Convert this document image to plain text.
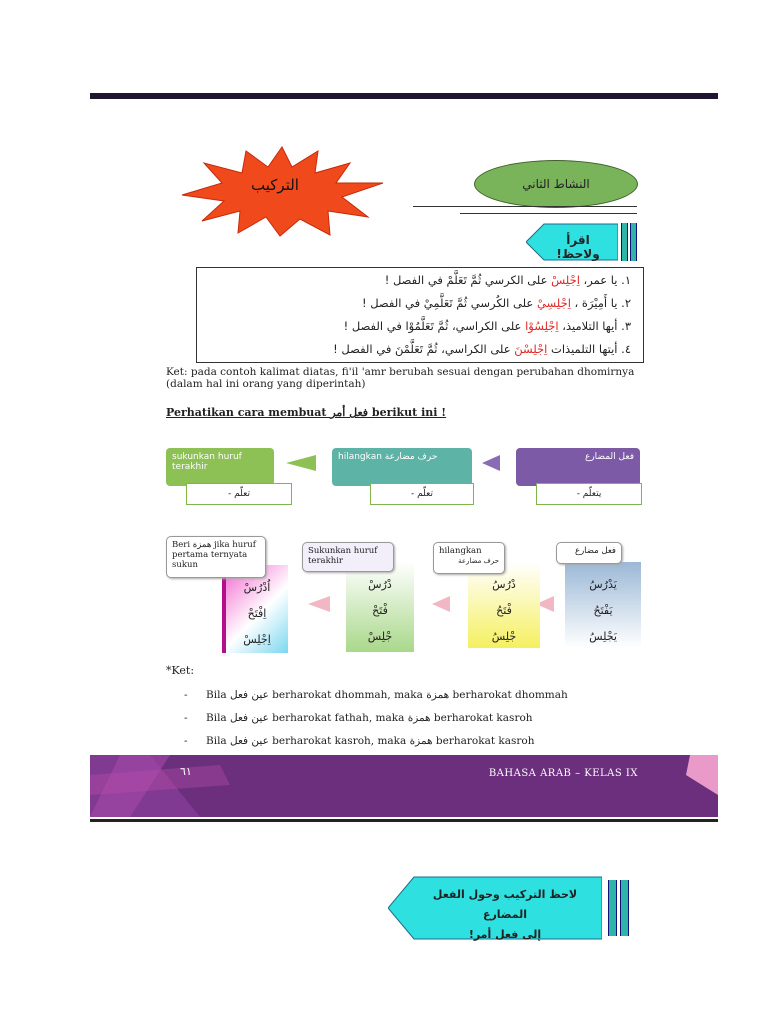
التركيب	النشاط الثاني
اقرأ ولاحظ!
١. يا عمر، اِجْلِسْ على الكرسي ثُمَّ تَعَلَّمْ في الفصل !
٢. يا أَمِيْرَة ، اِجْلِسِيْ على الكُرسي ثُمَّ تَعَلَّمِيْ في الفصل !
٣. أيها التلاميذ، اِجْلِسُوْا على الكراسي، ثُمَّ تَعَلَّمُوْا في الفصل !
٤. أيتها التلميذات اِجْلِسْنَ على الكراسي، ثُمَّ تَعَلَّمْنَ في الفصل !
Ket: pada contoh kalimat diatas, fi'il 'amr berubah sesuai dengan perubahan dhomirnya (dalam hal ini orang yang diperintah)
Perhatikan cara membuat فعل أمر berikut ini !
فعل المضارع
يتعلّم -
hilangkan حرف مضارعة
تعلّم -
sukunkan huruf terakhir
تعلّم -
يَدْرُسُ
يَفْتَحُ
يَجْلِسُ
فعل مضارع
دْرُسُ
فْتَحُ
جْلِسُ
hilangkan
حرف مضارعة
دْرُسْ
فْتَحْ
جْلِسْ
Sukunkan huruf terakhir
اُدْرُسْ
اِفْتَحْ
اِجْلِسْ
Beri همزة jika huruf pertama ternyata sukun
*Ket:
- Bila عين فعل berharokat dhommah, maka همزة berharokat dhommah
- Bila عين فعل berharokat fathah, maka همزة berharokat kasroh
- Bila عين فعل berharokat kasroh, maka همزة berharokat kasroh
٦١	BAHASA ARAB – KELAS IX
لاحظ التركيب وحول الفعل المضارع
إلى فعل أمر!
